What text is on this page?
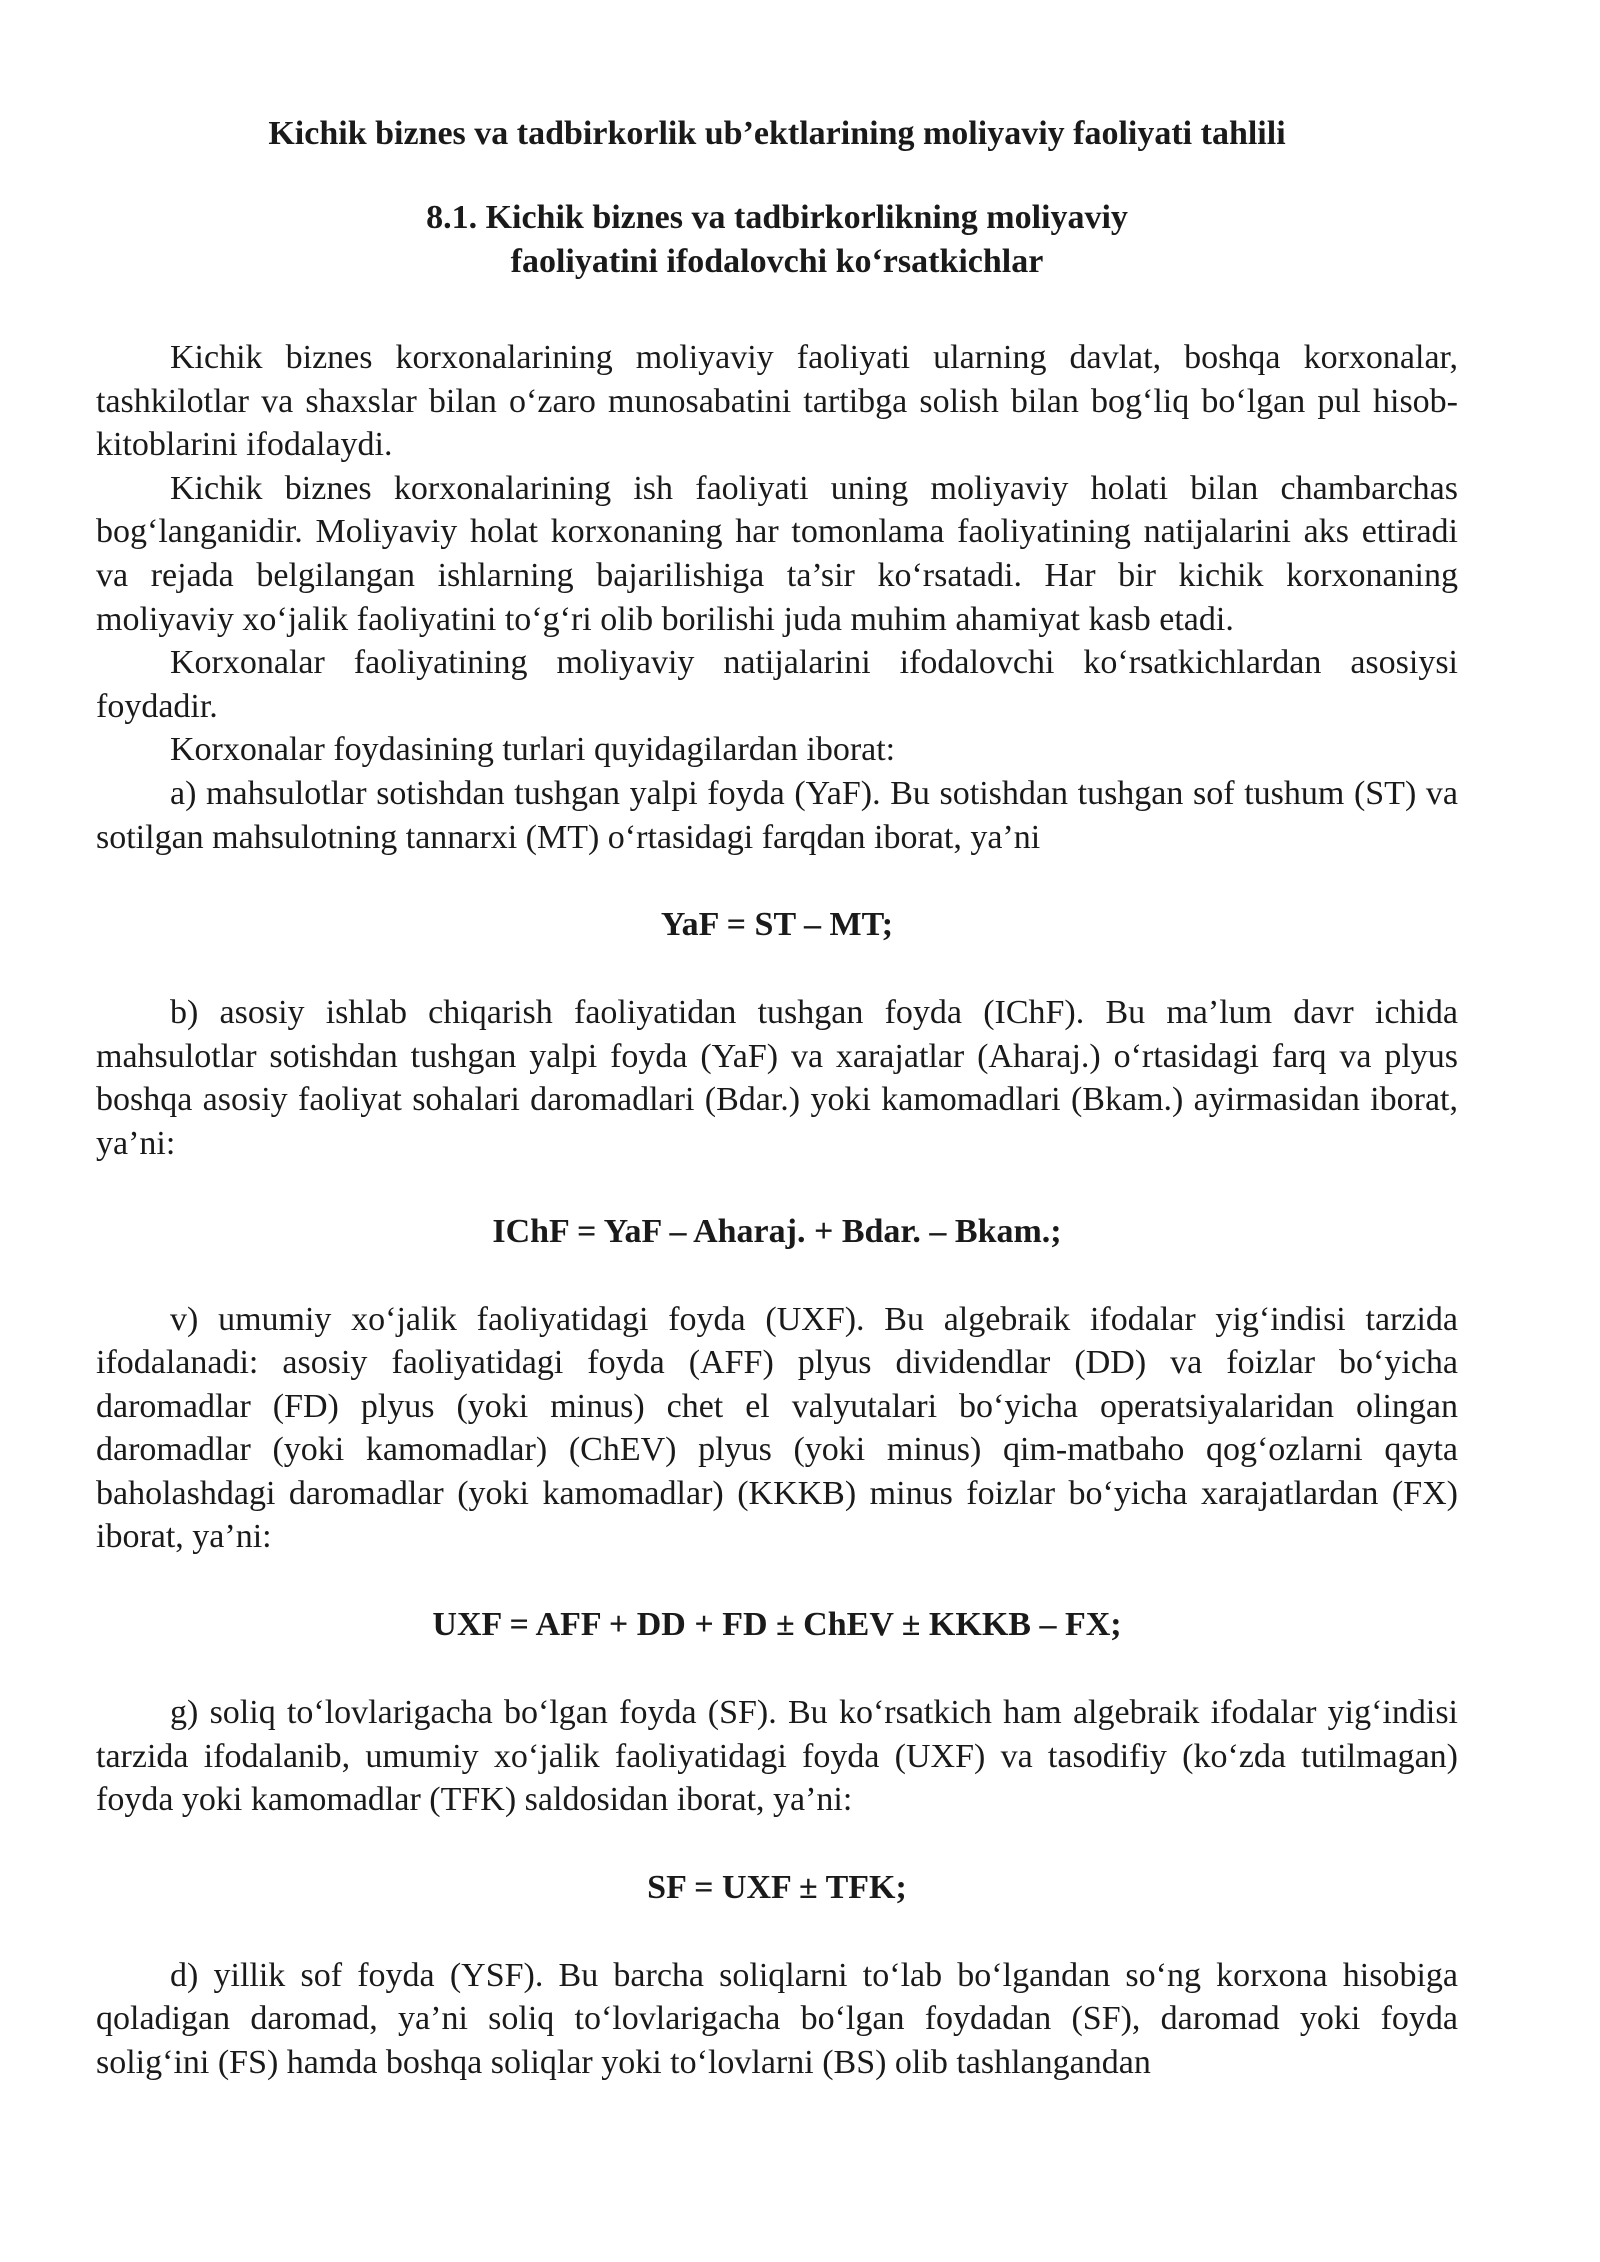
Kichik biznes va tadbirkorlik ub’ektlarining moliyaviy faoliyati tahlili
8.1. Kichik biznes va tadbirkorlikning moliyaviy
faoliyatini ifodalovchi ko‘rsatkichlar

Kichik biznes korxonalarining moliyaviy faoliyati ularning davlat, boshqa korxonalar, tashkilotlar va shaxslar bilan o‘zaro munosabatini tartibga solish bilan bog‘liq bo‘lgan pul hisob-kitoblarini ifodalaydi.

Kichik biznes korxonalarining ish faoliyati uning moliyaviy holati bilan chambarchas bog‘langanidir. Moliyaviy holat korxonaning har tomonlama faoliyatining natijalarini aks ettiradi va rejada belgilangan ishlarning bajarilishiga ta’sir ko‘rsatadi. Har bir kichik korxonaning moliyaviy xo‘jalik faoliyatini to‘g‘ri olib borilishi juda muhim ahamiyat kasb etadi.

Korxonalar faoliyatining moliyaviy natijalarini ifodalovchi ko‘rsatkichlardan asosiysi foydadir.

Korxonalar foydasining turlari quyidagilardan iborat:

a) mahsulotlar sotishdan tushgan yalpi foyda (YaF). Bu sotishdan tushgan sof tushum (ST) va sotilgan mahsulotning tannarxi (MT) o‘rtasidagi farqdan iborat, ya’ni

YaF = ST – MT;

b) asosiy ishlab chiqarish faoliyatidan tushgan foyda (IChF). Bu ma’lum davr ichida mahsulotlar sotishdan tushgan yalpi foyda (YaF) va xarajatlar (Aharaj.) o‘rtasidagi farq va plyus boshqa asosiy faoliyat sohalari daromadlari (Bdar.) yoki kamomadlari (Bkam.) ayirmasidan iborat, ya’ni:

IChF = YaF – Aharaj. + Bdar. – Bkam.;

v) umumiy xo‘jalik faoliyatidagi foyda (UXF). Bu algebraik ifodalar yig‘indisi tarzida ifodalanadi: asosiy faoliyatidagi foyda (AFF) plyus dividendlar (DD) va foizlar bo‘yicha daromadlar (FD) plyus (yoki minus) chet el valyutalari bo‘yicha operatsiyalaridan olingan daromadlar (yoki kamomadlar) (ChEV) plyus (yoki minus) qim-matbaho qog‘ozlarni qayta baholashdagi daromadlar (yoki kamomadlar) (KKKB) minus foizlar bo‘yicha xarajatlardan (FX) iborat, ya’ni:

UXF = AFF + DD + FD ± ChEV ± KKKB – FX;

g) soliq to‘lovlarigacha bo‘lgan foyda (SF). Bu ko‘rsatkich ham algebraik ifodalar yig‘indisi tarzida ifodalanib, umumiy xo‘jalik faoliyatidagi foyda (UXF) va tasodifiy (ko‘zda tutilmagan) foyda yoki kamomadlar (TFK) saldosidan iborat, ya’ni:

SF = UXF ± TFK;

d) yillik sof foyda (YSF). Bu barcha soliqlarni to‘lab bo‘lgandan so‘ng korxona hisobiga qoladigan daromad, ya’ni soliq to‘lovlarigacha bo‘lgan foydadan (SF), daromad yoki foyda solig‘ini (FS) hamda boshqa soliqlar yoki to‘lovlarni (BS) olib tashlangandan
